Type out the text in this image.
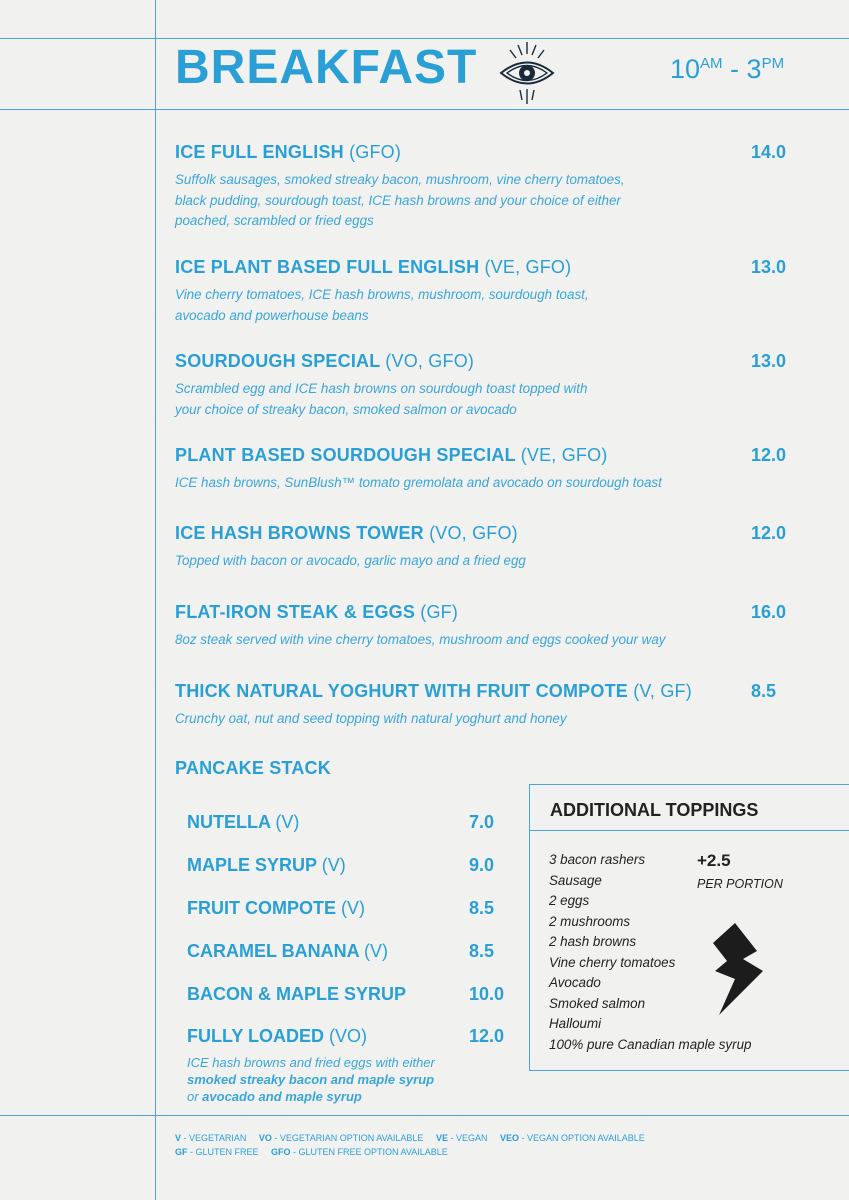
BREAKFAST	$10^{AM} - 3^{PM}$
ICE FULL ENGLISH (GFO)	14.0
Suffolk sausages, smoked streaky bacon, mushroom, vine cherry tomatoes,
black pudding, sourdough toast, ICE hash browns and your choice of either
poached, scrambled or fried eggs
ICE PLANT BASED FULL ENGLISH (VE, GFO)	13.0
Vine cherry tomatoes, ICE hash browns, mushroom, sourdough toast,
avocado and powerhouse beans
SOURDOUGH SPECIAL (VO, GFO)	13.0
Scrambled egg and ICE hash browns on sourdough toast topped with
your choice of streaky bacon, smoked salmon or avocado
PLANT BASED SOURDOUGH SPECIAL (VE, GFO)	12.0
ICE hash browns, SunBlush™ tomato gremolata and avocado on sourdough toast
ICE HASH BROWNS TOWER (VO, GFO)	12.0
Topped with bacon or avocado, garlic mayo and a fried egg
FLAT-IRON STEAK & EGGS (GF)	16.0
8oz steak served with vine cherry tomatoes, mushroom and eggs cooked your way
THICK NATURAL YOGHURT WITH FRUIT COMPOTE (V, GF)	8.5
Crunchy oat, nut and seed topping with natural yoghurt and honey
PANCAKE STACK
NUTELLA (V)	7.0
MAPLE SYRUP (V)	9.0
FRUIT COMPOTE (V)	8.5
CARAMEL BANANA (V)	8.5
BACON & MAPLE SYRUP	10.0
FULLY LOADED (VO)	12.0
ICE hash browns and fried eggs with either
smoked streaky bacon and maple syrup
or avocado and maple syrup
ADDITIONAL TOPPINGS
3 bacon rashers
Sausage
2 eggs
2 mushrooms
2 hash browns
Vine cherry tomatoes
Avocado
Smoked salmon
Halloumi
100% pure Canadian maple syrup
+2.5
PER PORTION
V - VEGETARIAN VO - VEGETARIAN OPTION AVAILABLE VE - VEGAN VEO - VEGAN OPTION AVAILABLE
GF - GLUTEN FREE GFO - GLUTEN FREE OPTION AVAILABLE
